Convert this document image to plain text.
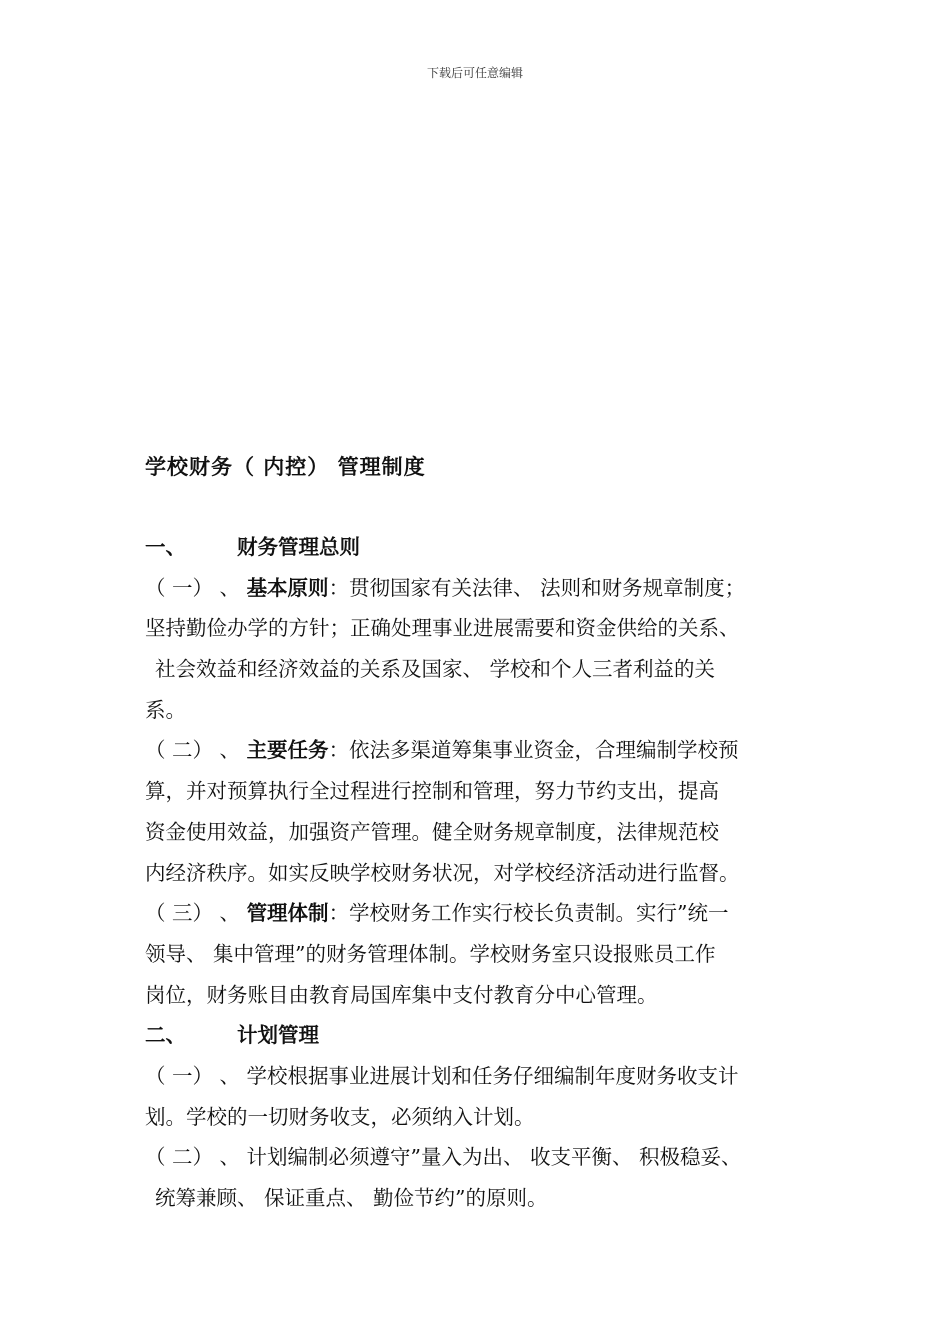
下载后可任意编辑
学校财务（ 内控） 管理制度
一、 财务管理总则
（ 一） 、 基本原则：贯彻国家有关法律、 法则和财务规章制度；
坚持勤俭办学的方针；正确处理事业进展需要和资金供给的关系、
社会效益和经济效益的关系及国家、 学校和个人三者利益的关
系。
（ 二） 、 主要任务：依法多渠道筹集事业资金，合理编制学校预
算，并对预算执行全过程进行控制和管理，努力节约支出，提高
资金使用效益，加强资产管理。健全财务规章制度，法律规范校
内经济秩序。如实反映学校财务状况，对学校经济活动进行监督。
（ 三） 、 管理体制：学校财务工作实行校长负责制。实行”统一
领导、 集中管理”的财务管理体制。学校财务室只设报账员工作
岗位，财务账目由教育局国库集中支付教育分中心管理。
二、 计划管理
（ 一） 、 学校根据事业进展计划和任务仔细编制年度财务收支计
划。学校的一切财务收支，必须纳入计划。
（ 二） 、 计划编制必须遵守”量入为出、 收支平衡、 积极稳妥、
统筹兼顾、 保证重点、 勤俭节约”的原则。
